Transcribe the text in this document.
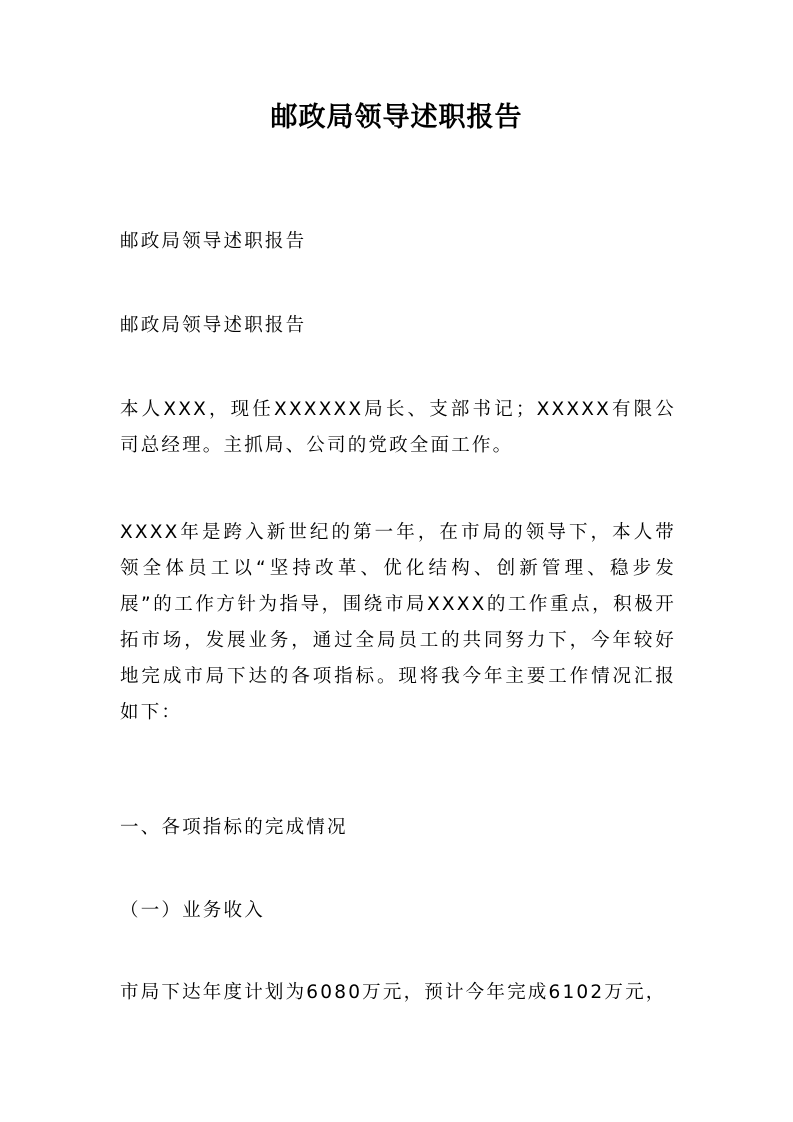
邮政局领导述职报告

邮政局领导述职报告

邮政局领导述职报告

本人XXX，现任XXXXXX局长、支部书记；XXXXX有限公司总经理。主抓局、公司的党政全面工作。

XXXX年是跨入新世纪的第一年，在市局的领导下，本人带领全体员工以“坚持改革、优化结构、创新管理、稳步发展”的工作方针为指导，围绕市局XXXX的工作重点，积极开拓市场，发展业务，通过全局员工的共同努力下，今年较好地完成市局下达的各项指标。现将我今年主要工作情况汇报如下：

一、各项指标的完成情况

（一）业务收入

市局下达年度计划为6080万元，预计今年完成6102万元，
